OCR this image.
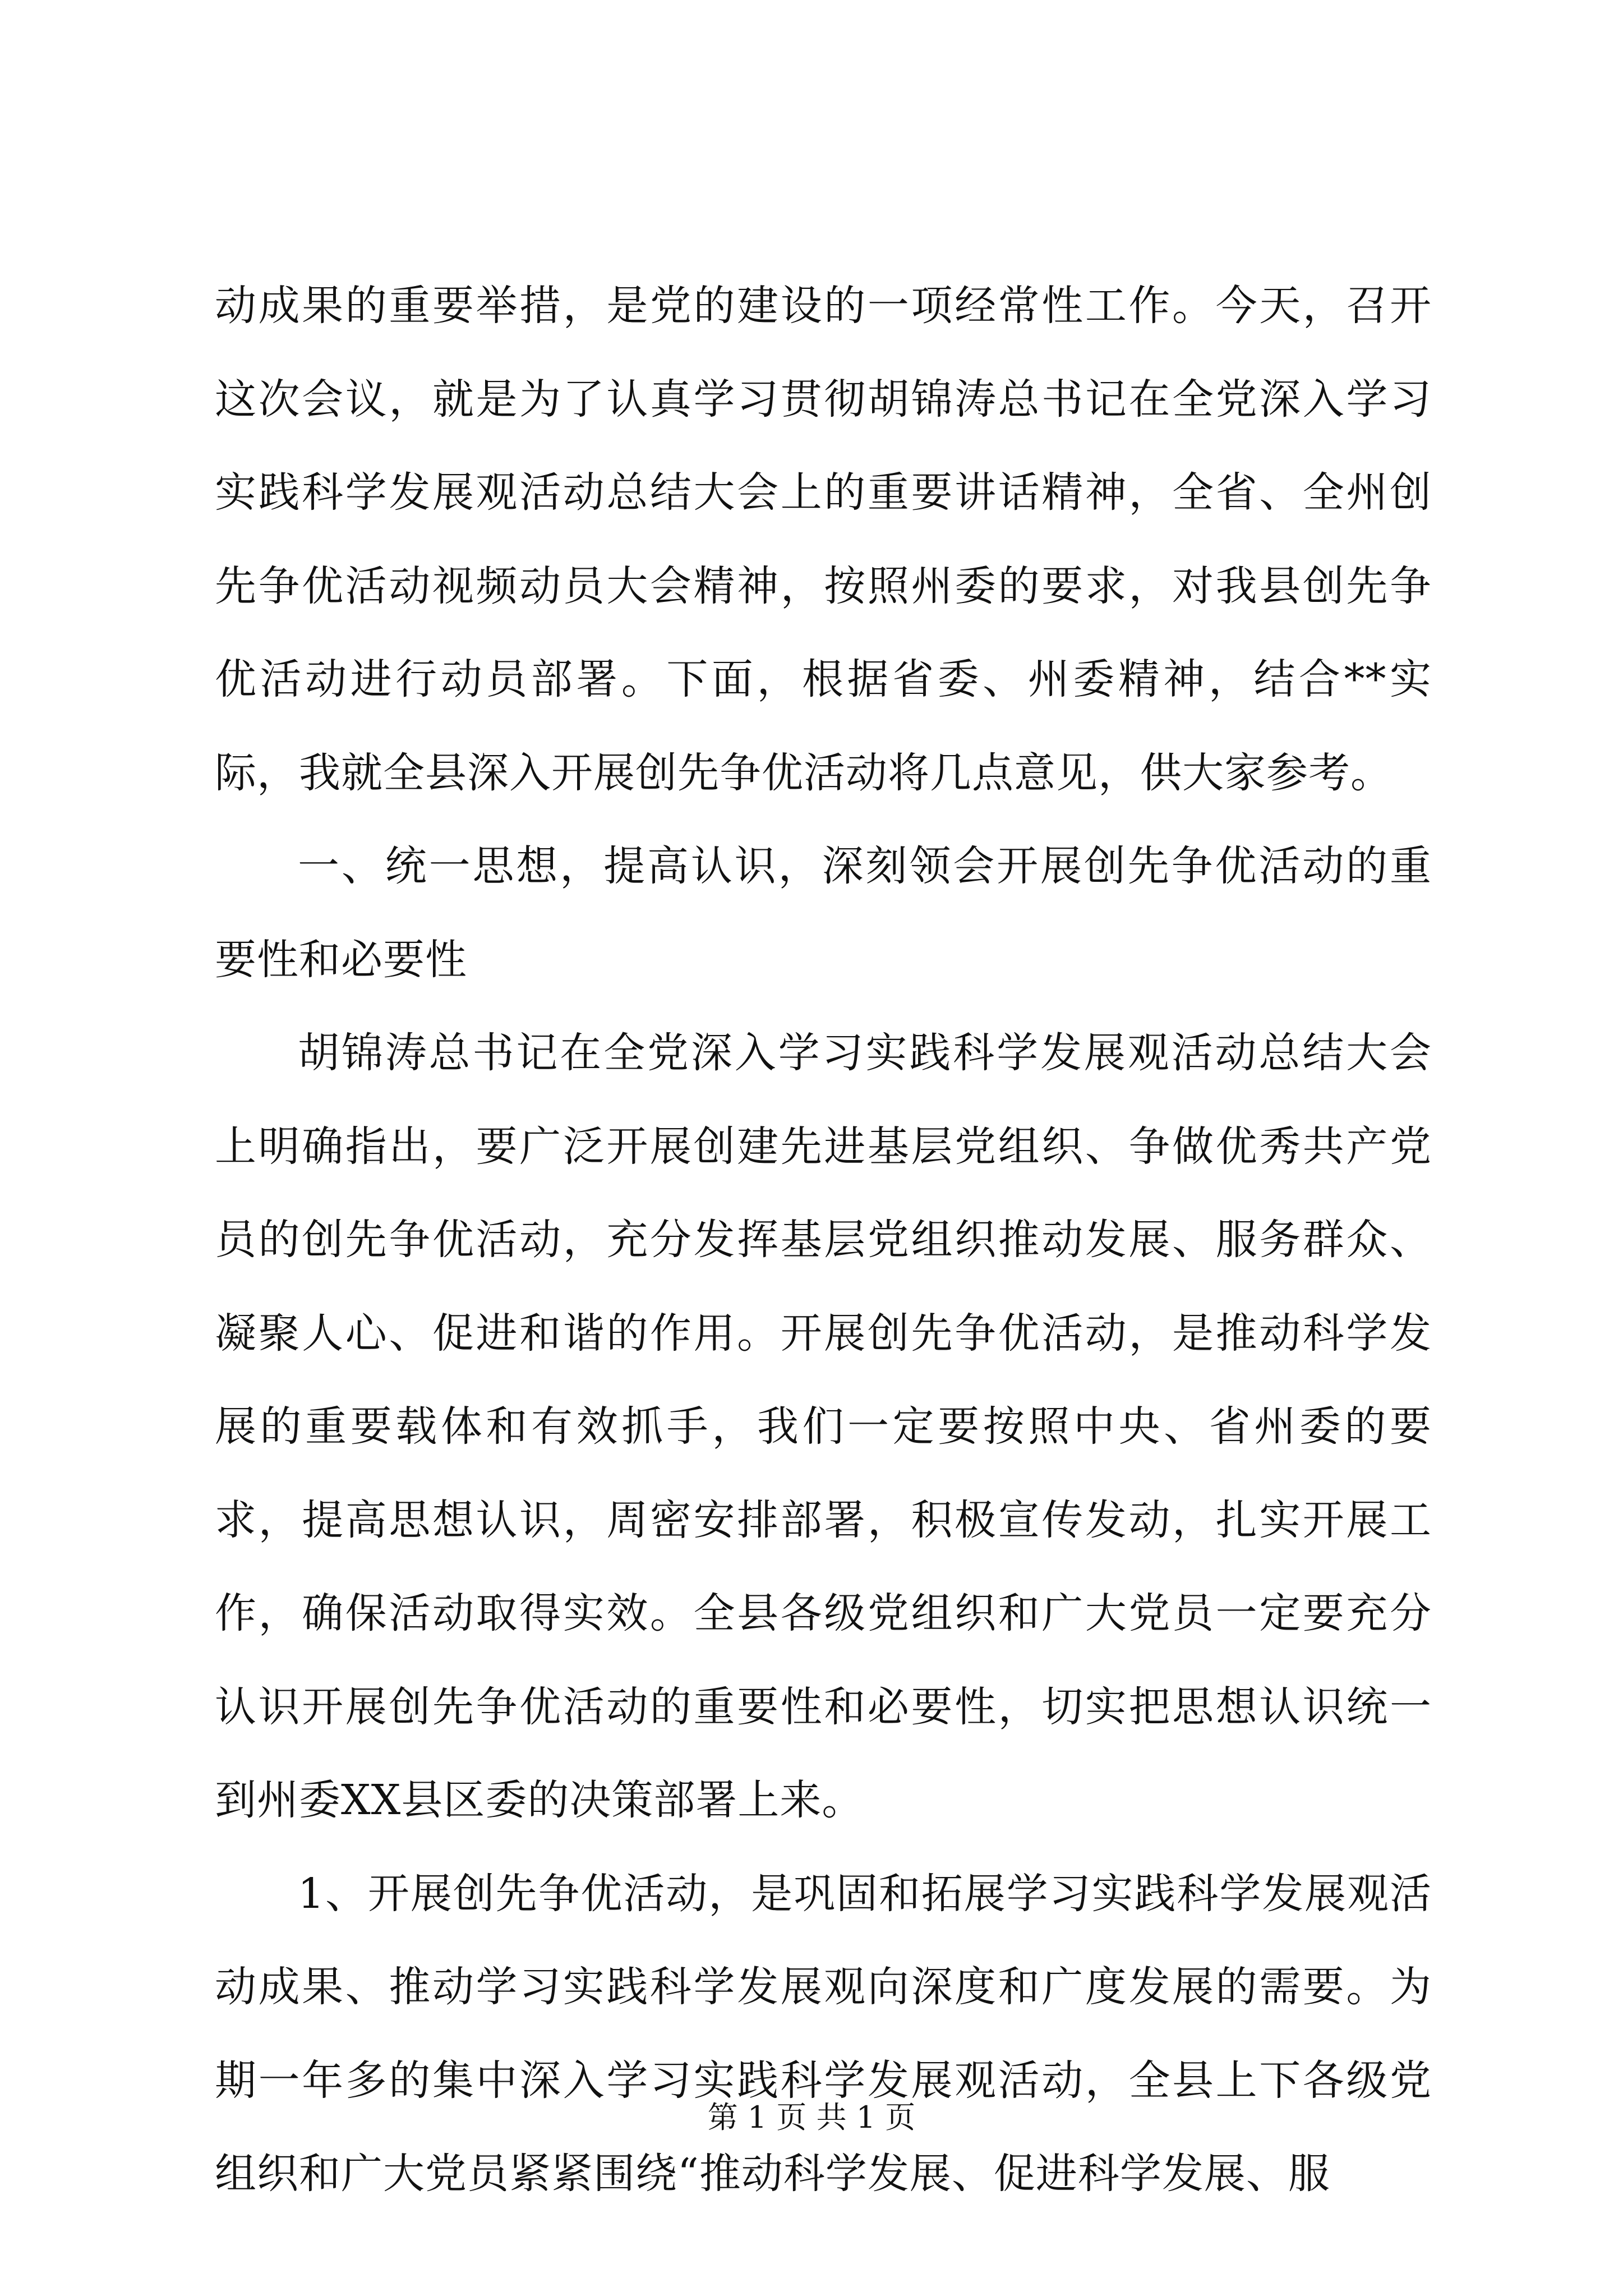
动成果的重要举措，是党的建设的一项经常性工作。今天，召开这次会议，就是为了认真学习贯彻胡锦涛总书记在全党深入学习实践科学发展观活动总结大会上的重要讲话精神，全省、全州创先争优活动视频动员大会精神，按照州委的要求，对我县创先争优活动进行动员部署。下面，根据省委、州委精神，结合**实际，我就全县深入开展创先争优活动将几点意见，供大家参考。

一、统一思想，提高认识，深刻领会开展创先争优活动的重要性和必要性

胡锦涛总书记在全党深入学习实践科学发展观活动总结大会上明确指出，要广泛开展创建先进基层党组织、争做优秀共产党员的创先争优活动，充分发挥基层党组织推动发展、服务群众、凝聚人心、促进和谐的作用。开展创先争优活动，是推动科学发展的重要载体和有效抓手，我们一定要按照中央、省州委的要求，提高思想认识，周密安排部署，积极宣传发动，扎实开展工作，确保活动取得实效。全县各级党组织和广大党员一定要充分认识开展创先争优活动的重要性和必要性，切实把思想认识统一到州委XX县区委的决策部署上来。

1、开展创先争优活动，是巩固和拓展学习实践科学发展观活动成果、推动学习实践科学发展观向深度和广度发展的需要。为期一年多的集中深入学习实践科学发展观活动，全县上下各级党组织和广大党员紧紧围绕“推动科学发展、促进科学发展、服

第 1 页 共 1 页
